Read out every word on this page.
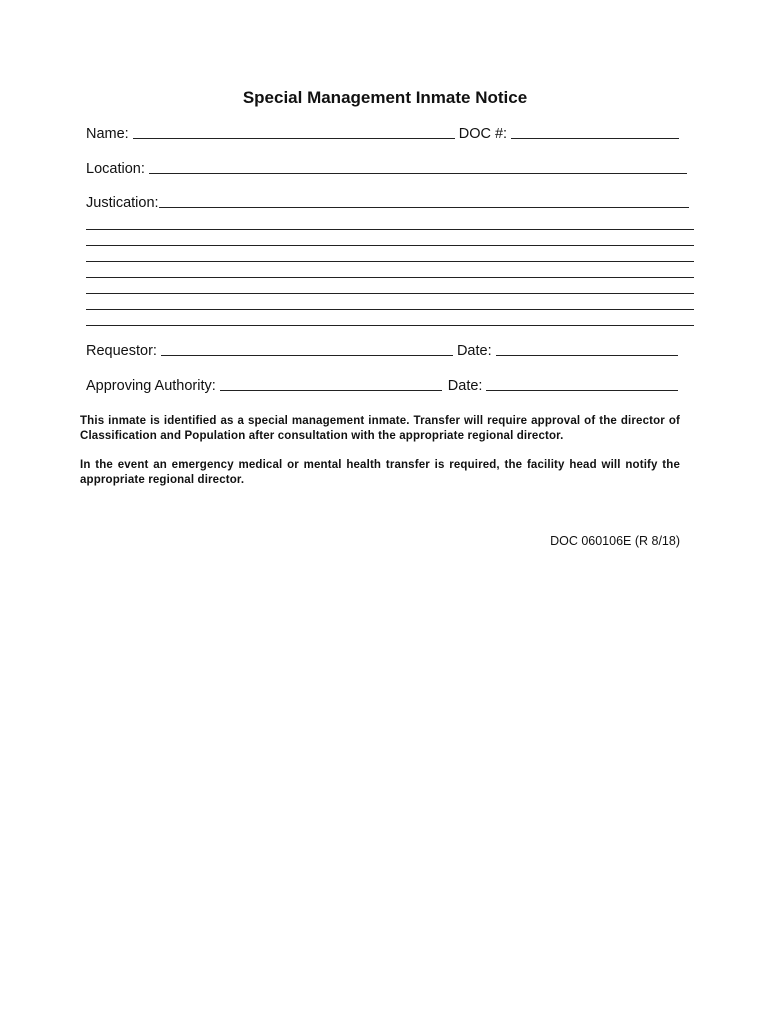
Special Management Inmate Notice
Name:	DOC #:
Location:
Justication:
Requestor:	Date:
Approving Authority:	Date:
This inmate is identified as a special management inmate. Transfer will require approval of the director of Classification and Population after consultation with the appropriate regional director.
In the event an emergency medical or mental health transfer is required, the facility head will notify the appropriate regional director.
DOC 060106E (R 8/18)
